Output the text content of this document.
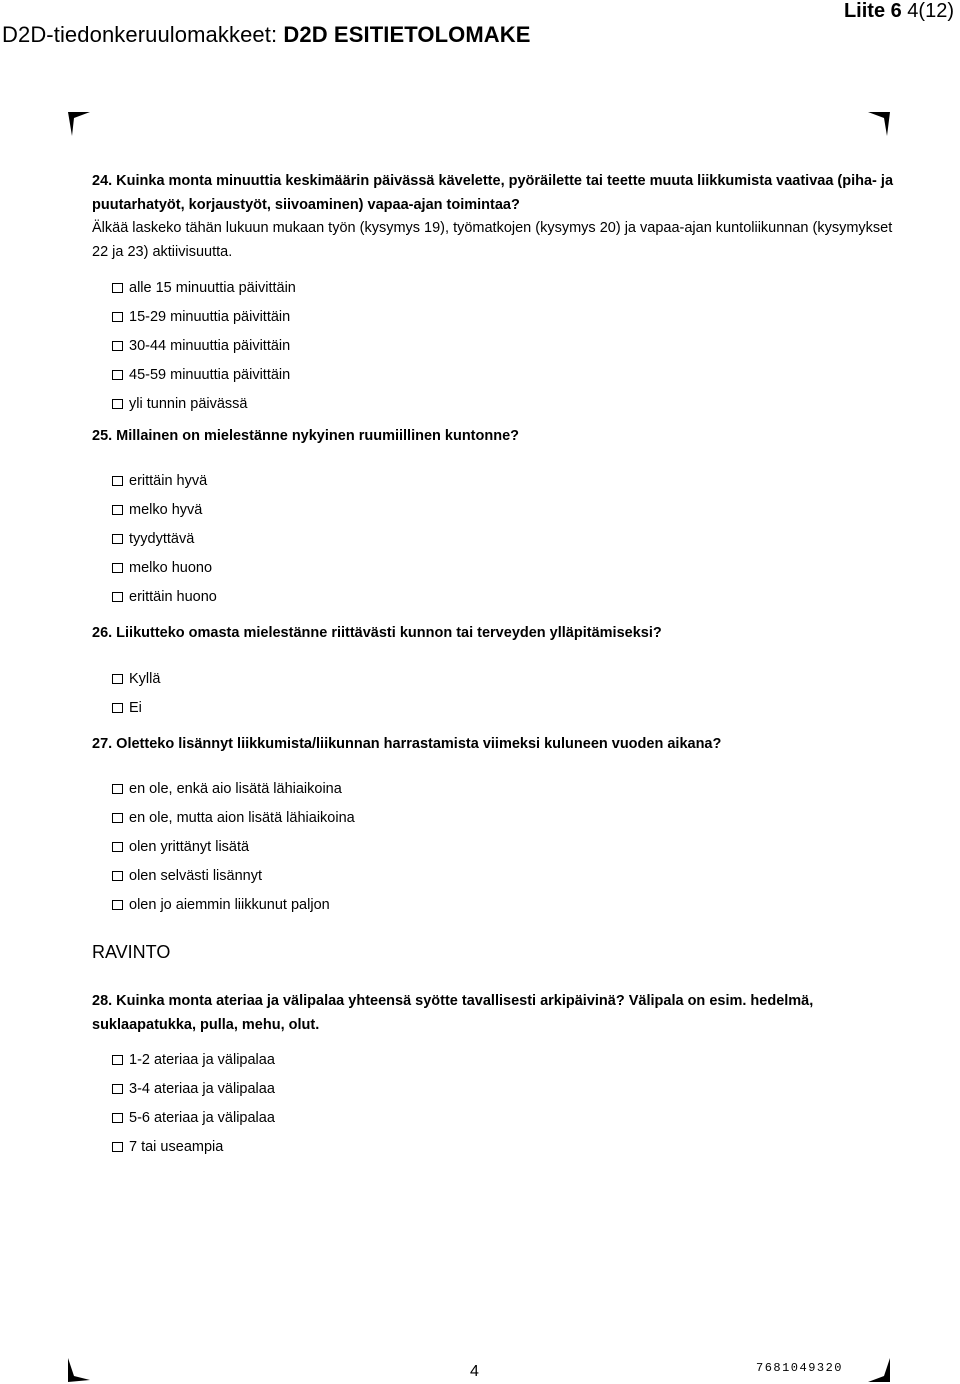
D2D-tiedonkeruulomakkeet: D2D ESITIETOLOMAKE
Liite 6 4(12)
24. Kuinka monta minuuttia keskimäärin päivässä kävelette, pyöräilette tai teette muuta liikkumista vaativaa (piha- ja puutarhatyöt, korjaustyöt, siivoaminen) vapaa-ajan toimintaa?
Älkää laskeko tähän lukuun mukaan työn (kysymys 19), työmatkojen (kysymys 20) ja vapaa-ajan kuntoliikunnan (kysymykset 22 ja 23) aktiivisuutta.
alle 15 minuuttia päivittäin
15-29 minuuttia päivittäin
30-44 minuuttia päivittäin
45-59 minuuttia päivittäin
yli tunnin päivässä
25. Millainen on mielestänne nykyinen ruumiillinen kuntonne?
erittäin hyvä
melko hyvä
tyydyttävä
melko huono
erittäin huono
26. Liikutteko omasta mielestänne riittävästi kunnon tai terveyden ylläpitämiseksi?
Kyllä
Ei
27. Oletteko lisännyt liikkumista/liikunnan harrastamista viimeksi kuluneen vuoden aikana?
en ole, enkä aio lisätä lähiaikoina
en ole, mutta aion lisätä lähiaikoina
olen yrittänyt lisätä
olen selvästi lisännyt
olen jo aiemmin liikkunut paljon
RAVINTO
28. Kuinka monta ateriaa ja välipalaa yhteensä syötte tavallisesti arkipäivinä? Välipala on esim. hedelmä, suklaapatukka, pulla, mehu, olut.
1-2 ateriaa ja välipalaa
3-4 ateriaa ja välipalaa
5-6 ateriaa ja välipalaa
7 tai useampia
4	7681049320
